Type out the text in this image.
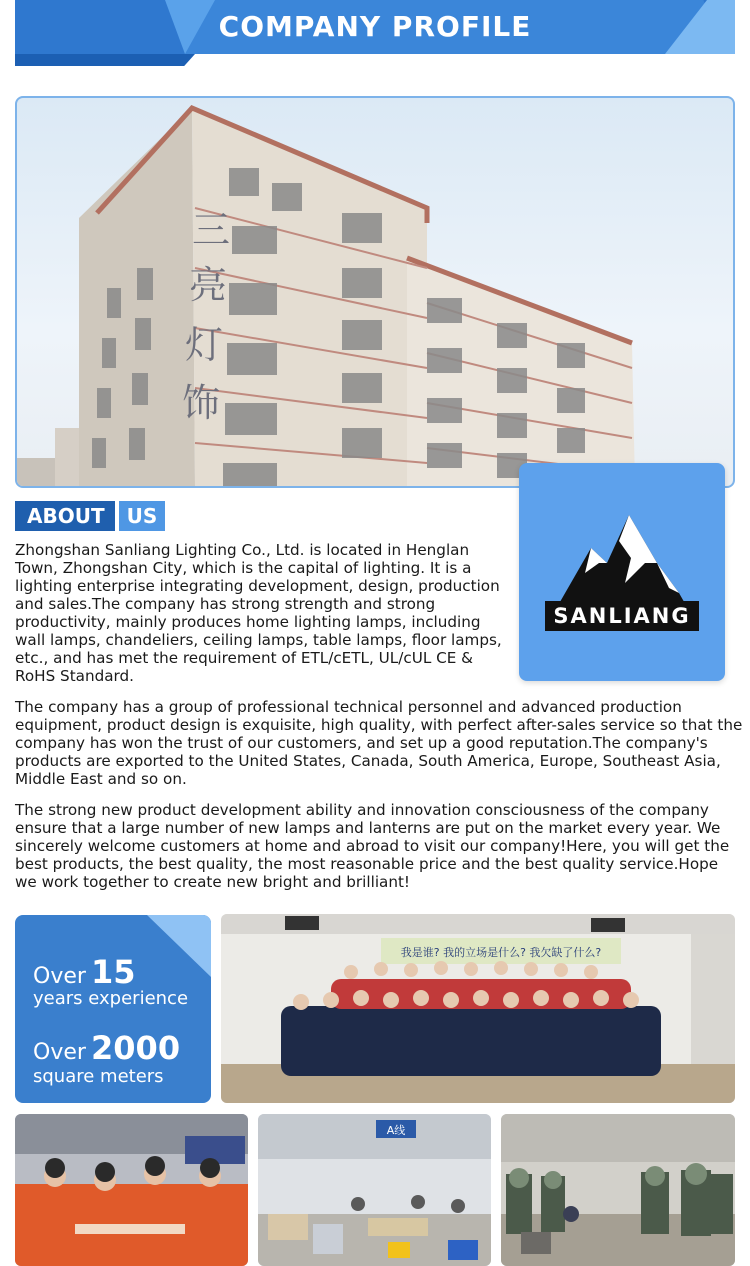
COMPANY PROFILE
三
亮
灯
饰
SANLIANG
ABOUT	US

Zhongshan Sanliang Lighting Co., Ltd. is located in Henglan Town, Zhongshan City, which is the capital of lighting. It is a lighting enterprise integrating development, design, production and sales.The company has strong strength and strong productivity, mainly produces home lighting lamps, including wall lamps, chandeliers, ceiling lamps, table lamps, floor lamps, etc., and has met the requirement of ETL/cETL, UL/cUL CE & RoHS Standard.

The company has a group of professional technical personnel and advanced production equipment, product design is exquisite, high quality, with perfect after-sales service so that the company has won the trust of our customers, and set up a good reputation.The company's products are exported to the United States, Canada, South America, Europe, Southeast Asia, Middle East and so on.

The strong new product development ability and innovation consciousness of the company ensure that a large number of new lamps and lanterns are put on the market every year. We sincerely welcome customers at home and abroad to visit our company!Here, you will get the best products, the best quality, the most reasonable price and the best quality service.Hope we work together to create new bright and brilliant!

Over 15
years experience
Over 2000
square meters
我是谁? 我的立场是什么? 我欠缺了什么?
A线
